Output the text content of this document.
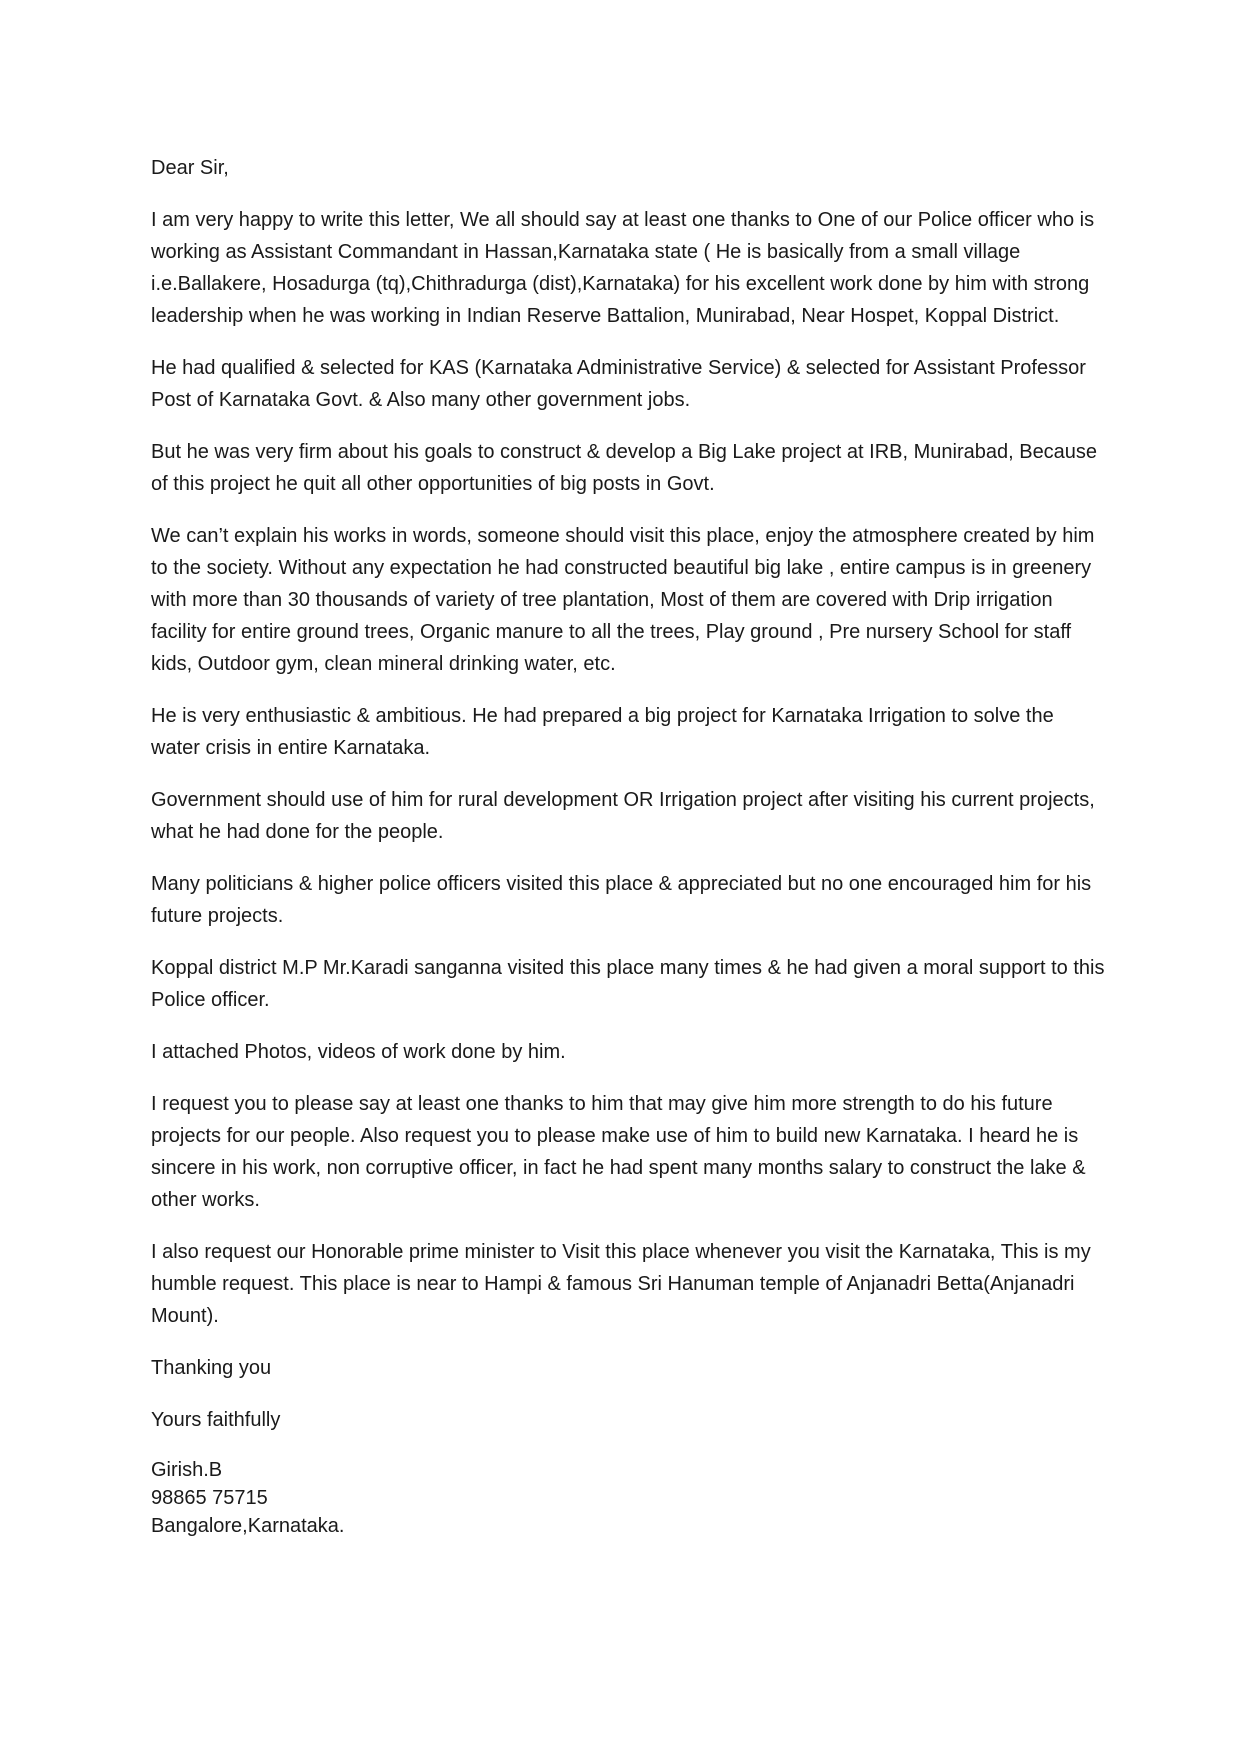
Dear Sir,

I am very happy to write this letter, We all should say at least one thanks to One of our Police officer who is working as Assistant Commandant in Hassan,Karnataka state ( He is basically from a small village i.e.Ballakere, Hosadurga (tq),Chithradurga (dist),Karnataka) for his excellent work done by him with strong leadership when he was working in Indian Reserve Battalion, Munirabad, Near Hospet, Koppal District.

He had qualified & selected for KAS (Karnataka Administrative Service) & selected for Assistant Professor Post of Karnataka Govt. & Also many other government jobs.

But he was very firm about his goals to construct & develop a Big Lake project at IRB, Munirabad, Because of this project he quit all other opportunities of big posts in Govt.

We can’t explain his works in words, someone should visit this place, enjoy the atmosphere created by him to the society. Without any expectation he had constructed beautiful big lake , entire campus is in greenery with more than 30 thousands of variety of tree plantation, Most of them are covered with Drip irrigation facility for entire ground trees, Organic manure to all the trees, Play ground , Pre nursery School for staff kids, Outdoor gym, clean mineral drinking water, etc.

He is very enthusiastic & ambitious. He had prepared a big project for Karnataka Irrigation to solve the water crisis in entire Karnataka.

Government should use of him for rural development OR Irrigation project after visiting his current projects, what he had done for the people.

Many politicians & higher police officers visited this place & appreciated but no one encouraged him for his future projects.

Koppal district M.P Mr.Karadi sanganna visited this place many times & he had given a moral support to this Police officer.

I attached Photos, videos of work done by him.

I request you to please say at least one thanks to him that may give him more strength to do his future projects for our people. Also request you to please make use of him to build new Karnataka. I heard he is sincere in his work, non corruptive officer, in fact he had spent many months salary to construct the lake & other works.

I also request our Honorable prime minister to Visit this place whenever you visit the Karnataka, This is my humble request. This place is near to Hampi & famous Sri Hanuman temple of Anjanadri Betta(Anjanadri Mount).

Thanking you

Yours faithfully

Girish.B
98865 75715
Bangalore,Karnataka.
